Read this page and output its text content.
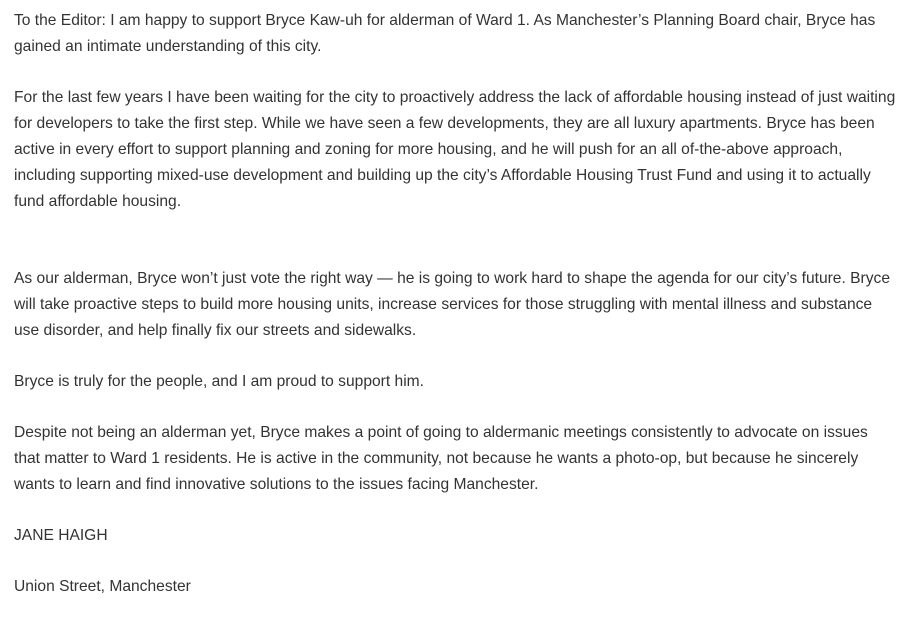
To the Editor: I am happy to support Bryce Kaw-uh for alderman of Ward 1. As Manchester’s Planning Board chair, Bryce has gained an intimate understanding of this city.

For the last few years I have been waiting for the city to proactively address the lack of affordable housing instead of just waiting for developers to take the first step. While we have seen a few developments, they are all luxury apartments. Bryce has been active in every effort to support planning and zoning for more housing, and he will push for an all of-the-above approach, including supporting mixed-use development and building up the city’s Affordable Housing Trust Fund and using it to actually fund affordable housing.

As our alderman, Bryce won’t just vote the right way — he is going to work hard to shape the agenda for our city’s future. Bryce will take proactive steps to build more housing units, increase services for those struggling with mental illness and substance use disorder, and help finally fix our streets and sidewalks.

Bryce is truly for the people, and I am proud to support him.

Despite not being an alderman yet, Bryce makes a point of going to aldermanic meetings consistently to advocate on issues that matter to Ward 1 residents. He is active in the community, not because he wants a photo-op, but because he sincerely wants to learn and find innovative solutions to the issues facing Manchester.

JANE HAIGH

Union Street, Manchester
